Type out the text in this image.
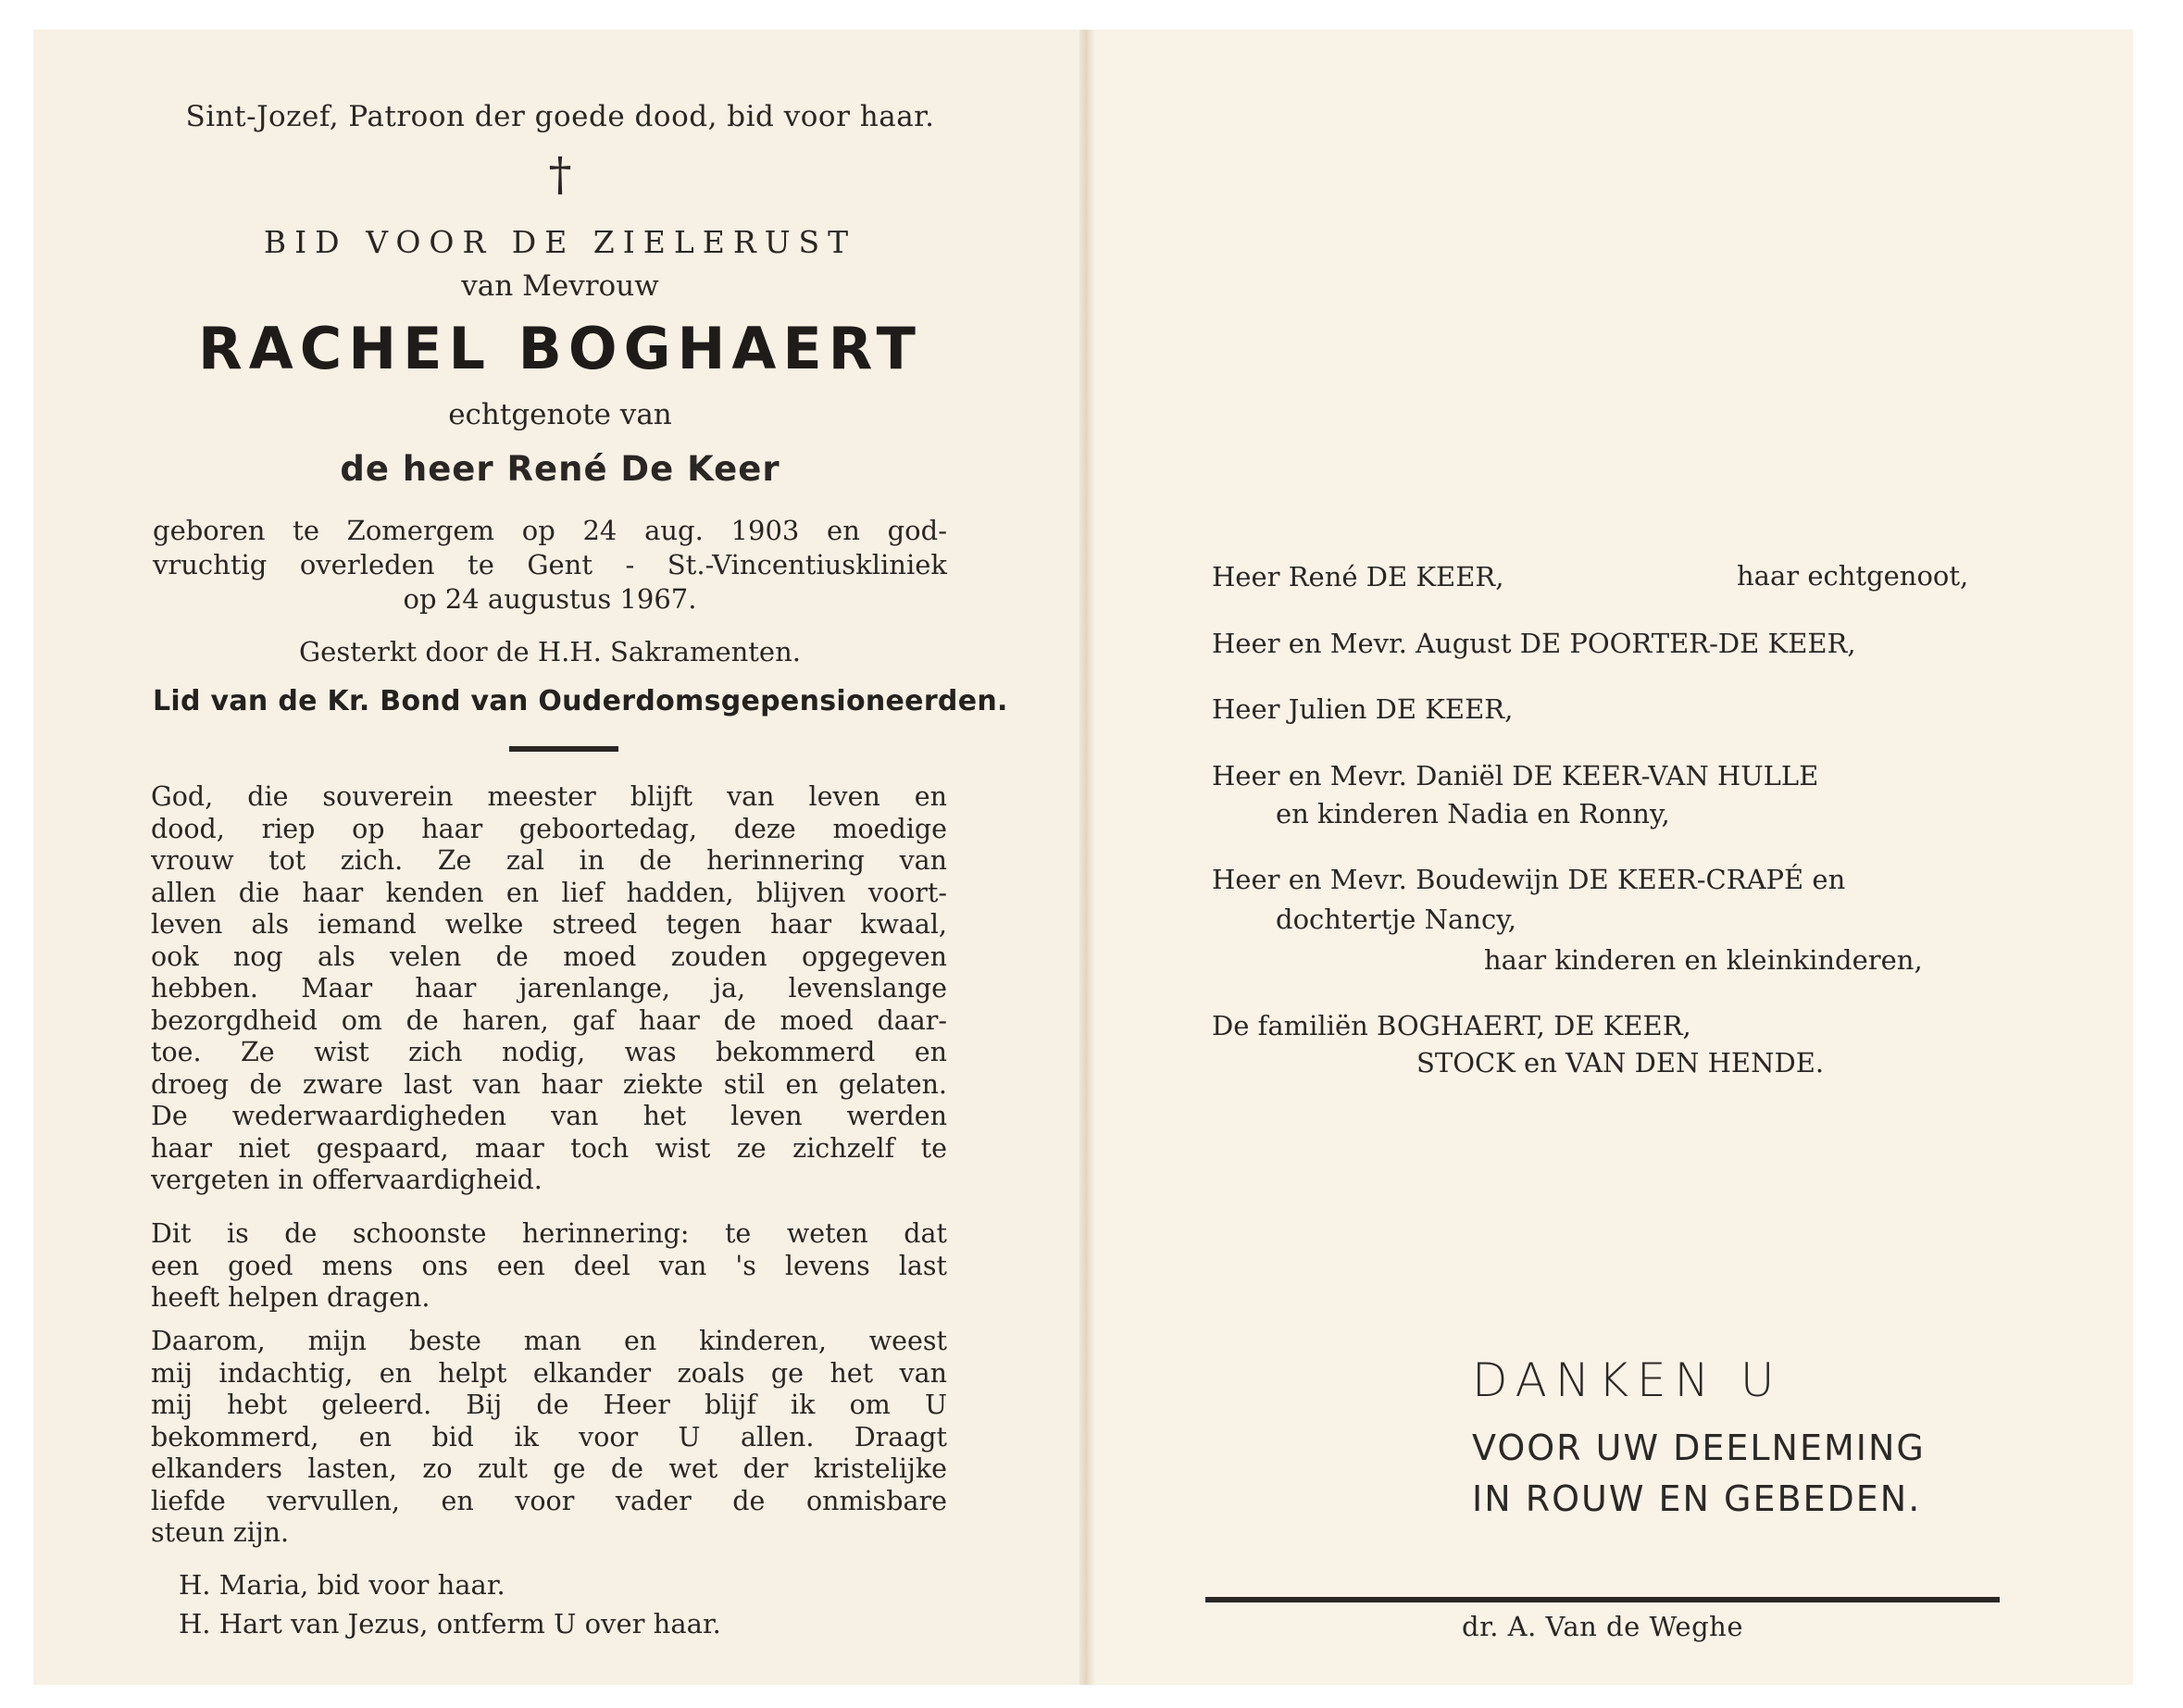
Sint-Jozef, Patroon der goede dood, bid voor haar.
†
BID VOOR DE ZIELERUST
van Mevrouw
RACHEL BOGHAERT
echtgenote van
de heer René De Keer
geboren te Zomergem op 24 aug. 1903 en god-
vruchtig overleden te Gent - St.-Vincentiuskliniek
op 24 augustus 1967.
Gesterkt door de H.H. Sakramenten.
Lid van de Kr. Bond van Ouderdomsgepensioneerden.
God, die souverein meester blijft van leven en
dood, riep op haar geboortedag, deze moedige
vrouw tot zich. Ze zal in de herinnering van
allen die haar kenden en lief hadden, blijven voort-
leven als iemand welke streed tegen haar kwaal,
ook nog als velen de moed zouden opgegeven
hebben. Maar haar jarenlange, ja, levenslange
bezorgdheid om de haren, gaf haar de moed daar-
toe. Ze wist zich nodig, was bekommerd en
droeg de zware last van haar ziekte stil en gelaten.
De wederwaardigheden van het leven werden
haar niet gespaard, maar toch wist ze zichzelf te
vergeten in offervaardigheid.
Dit is de schoonste herinnering: te weten dat
een goed mens ons een deel van 's levens last
heeft helpen dragen.
Daarom, mijn beste man en kinderen, weest
mij indachtig, en helpt elkander zoals ge het van
mij hebt geleerd. Bij de Heer blijf ik om U
bekommerd, en bid ik voor U allen. Draagt
elkanders lasten, zo zult ge de wet der kristelijke
liefde vervullen, en voor vader de onmisbare
steun zijn.
H. Maria, bid voor haar.
H. Hart van Jezus, ontferm U over haar.
Heer René DE KEER,	haar echtgenoot,
Heer en Mevr. August DE POORTER-DE KEER,
Heer Julien DE KEER,
Heer en Mevr. Daniël DE KEER-VAN HULLE
en kinderen Nadia en Ronny,
Heer en Mevr. Boudewijn DE KEER-CRAPÉ en
dochtertje Nancy,
haar kinderen en kleinkinderen,
De familiën BOGHAERT, DE KEER,
STOCK en VAN DEN HENDE.
DANKEN U
VOOR UW DEELNEMING
IN ROUW EN GEBEDEN.
dr. A. Van de Weghe
